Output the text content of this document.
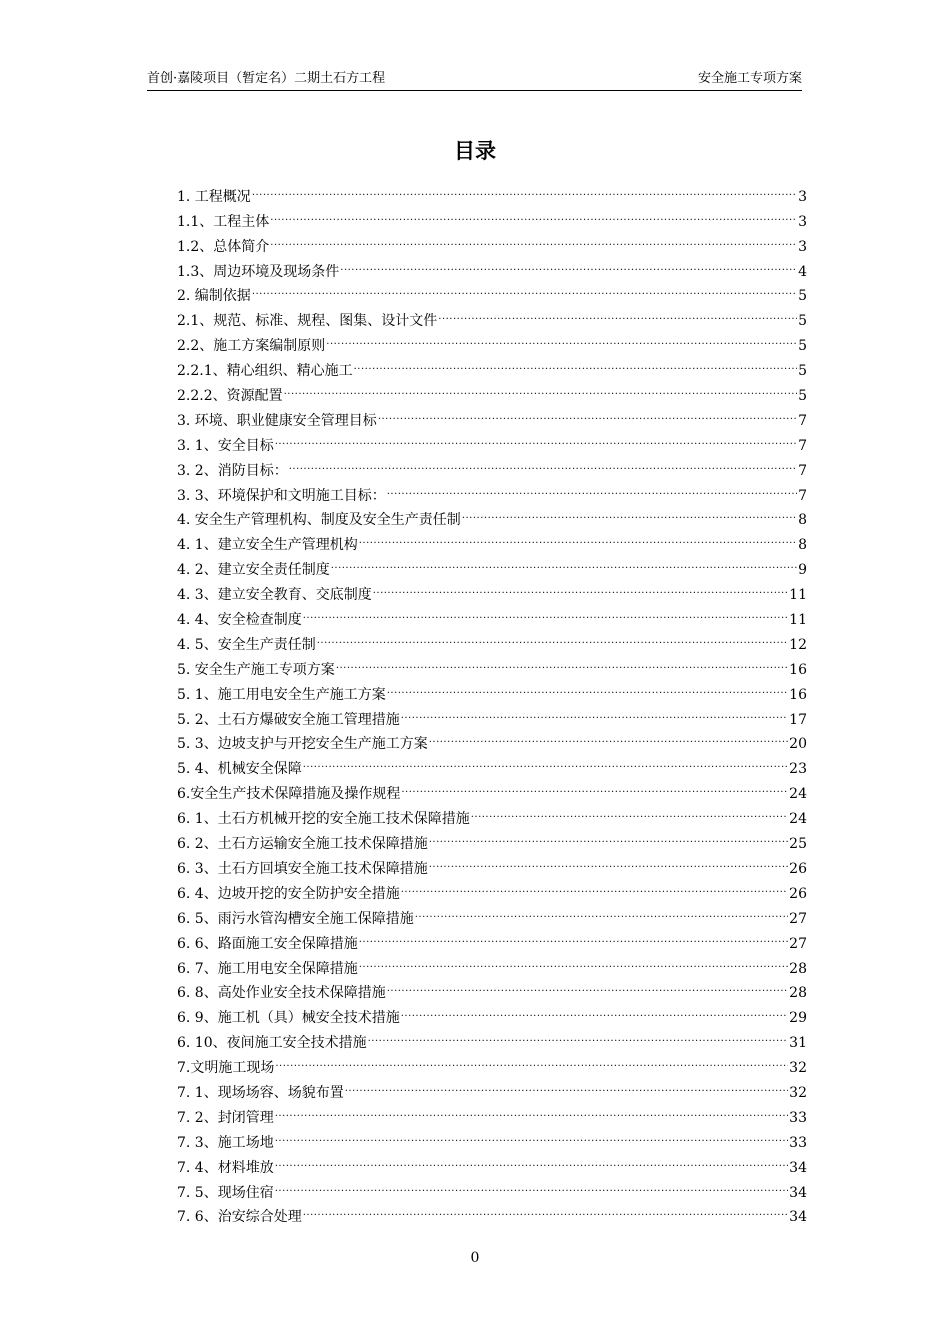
首创·嘉陵项目（暂定名）二期土石方工程	安全施工专项方案
目录
1. 工程概况 .....	3
1.1、工程主体 .....	3
1.2、总体简介 .....	3
1.3、周边环境及现场条件 .....	4
2. 编制依据 .....	5
2.1、规范、标准、规程、图集、设计文件 .....	5
2.2、施工方案编制原则 .....	5
2.2.1、精心组织、精心施工 .....	5
2.2.2、资源配置 .....	5
3. 环境、职业健康安全管理目标 .....	7
3. 1、安全目标 .....	7
3. 2、消防目标： .....	7
3. 3、环境保护和文明施工目标： .....	7
4. 安全生产管理机构、制度及安全生产责任制 .....	8
4. 1、建立安全生产管理机构 .....	8
4. 2、建立安全责任制度 .....	9
4. 3、建立安全教育、交底制度 .....	11
4. 4、安全检查制度 .....	11
4. 5、安全生产责任制 .....	12
5. 安全生产施工专项方案 .....	16
5. 1、施工用电安全生产施工方案 .....	16
5. 2、土石方爆破安全施工管理措施 .....	17
5. 3、边坡支护与开挖安全生产施工方案 .....	20
5. 4、机械安全保障 .....	23
6.安全生产技术保障措施及操作规程 .....	24
6. 1、土石方机械开挖的安全施工技术保障措施 .....	24
6. 2、土石方运输安全施工技术保障措施 .....	25
6. 3、土石方回填安全施工技术保障措施 .....	26
6. 4、边坡开挖的安全防护安全措施 .....	26
6. 5、雨污水管沟槽安全施工保障措施 .....	27
6. 6、路面施工安全保障措施 .....	27
6. 7、施工用电安全保障措施 .....	28
6. 8、高处作业安全技术保障措施 .....	28
6. 9、施工机（具）械安全技术措施 .....	29
6. 10、夜间施工安全技术措施 .....	31
7.文明施工现场 .....	32
7. 1、现场场容、场貌布置 .....	32
7. 2、封闭管理 .....	33
7. 3、施工场地 .....	33
7. 4、材料堆放 .....	34
7. 5、现场住宿 .....	34
7. 6、治安综合处理 .....	34
0
